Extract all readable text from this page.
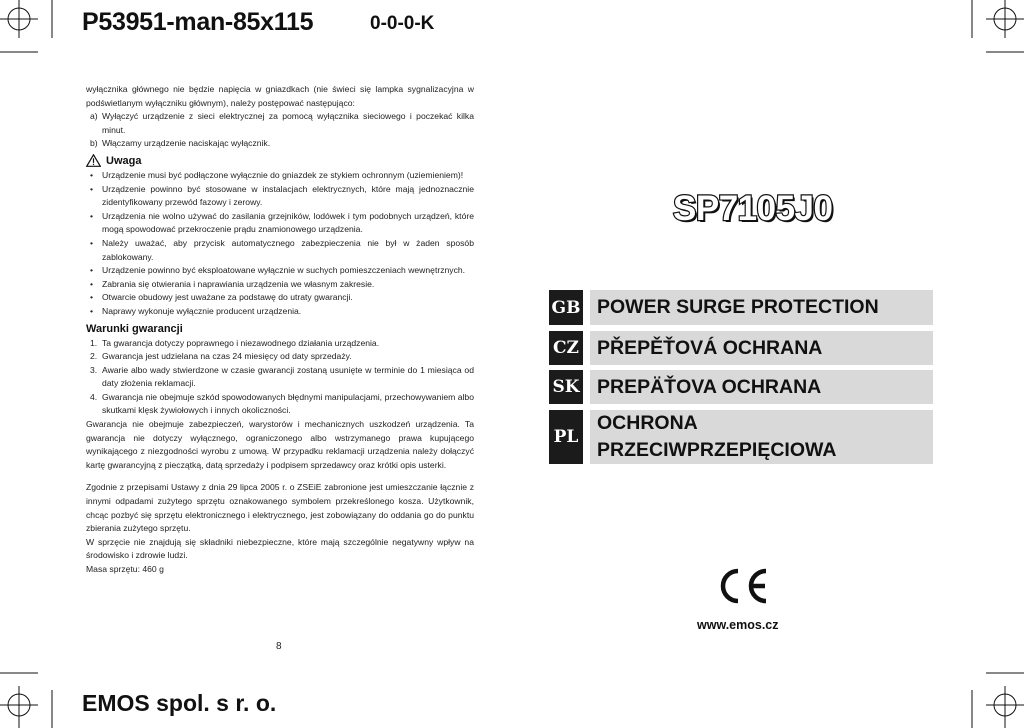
P53951-man-85x115	0-0-0-K

wyłącznika głównego nie będzie napięcia w gniazdkach (nie świeci się lampka sygnalizacyjna w podświetlanym wyłączniku głównym), należy postępować następująco:

a) Wyłączyć urządzenie z sieci elektrycznej za pomocą wyłącznika sieciowego i poczekać kilka minut.
b) Włączamy urządzenie naciskając wyłącznik.
Uwaga
• Urządzenie musi być podłączone wyłącznie do gniazdek ze stykiem ochronnym (uziemieniem)!
• Urządzenie powinno być stosowane w instalacjach elektrycznych, które mają jednoznacznie zidentyfikowany przewód fazowy i zerowy.
• Urządzenia nie wolno używać do zasilania grzejników, lodówek i tym podobnych urządzeń, które mogą spowodować przekroczenie prądu znamionowego urządzenia.
• Należy uważać, aby przycisk automatycznego zabezpieczenia nie był w żaden sposób zablokowany.
• Urządzenie powinno być eksploatowane wyłącznie w suchych pomieszczeniach wewnętrznych.
• Zabrania się otwierania i naprawiania urządzenia we własnym zakresie.
• Otwarcie obudowy jest uważane za podstawę do utraty gwarancji.
• Naprawy wykonuje wyłącznie producent urządzenia.
Warunki gwarancji
1. Ta gwarancja dotyczy poprawnego i niezawodnego działania urządzenia.
2. Gwarancja jest udzielana na czas 24 miesięcy od daty sprzedaży.
3. Awarie albo wady stwierdzone w czasie gwarancji zostaną usunięte w terminie do 1 miesiąca od daty złożenia reklamacji.
4. Gwarancja nie obejmuje szkód spowodowanych błędnymi manipulacjami, przechowywaniem albo skutkami klęsk żywiołowych i innych okoliczności.

Gwarancja nie obejmuje zabezpieczeń, warystorów i mechanicznych uszkodzeń urządzenia. Ta gwarancja nie dotyczy wyłącznego, ograniczonego albo wstrzymanego prawa kupującego wynikającego z niezgodności wyrobu z umową. W przypadku reklamacji urządzenia należy dołączyć kartę gwarancyjną z pieczątką, datą sprzedaży i podpisem sprzedawcy oraz krótki opis usterki.

Zgodnie z przepisami Ustawy z dnia 29 lipca 2005 r. o ZSEiE zabronione jest umieszczanie łącznie z innymi odpadami zużytego sprzętu oznakowanego symbolem przekreślonego kosza. Użytkownik, chcąc pozbyć się sprzętu elektronicznego i elektrycznego, jest zobowiązany do oddania go do punktu zbierania zużytego sprzętu.

W sprzęcie nie znajdują się składniki niebezpieczne, które mają szczególnie negatywny wpływ na środowisko i zdrowie ludzi.

Masa sprzętu: 460 g

8
SP7105J0
GB POWER SURGE PROTECTION
CZ PŘEPĚŤOVÁ OCHRANA
SK PREPÄŤOVA OCHRANA
PL
OCHRONA PRZECIWPRZEPIĘCIOWA
www.emos.cz
EMOS spol. s r. o.
